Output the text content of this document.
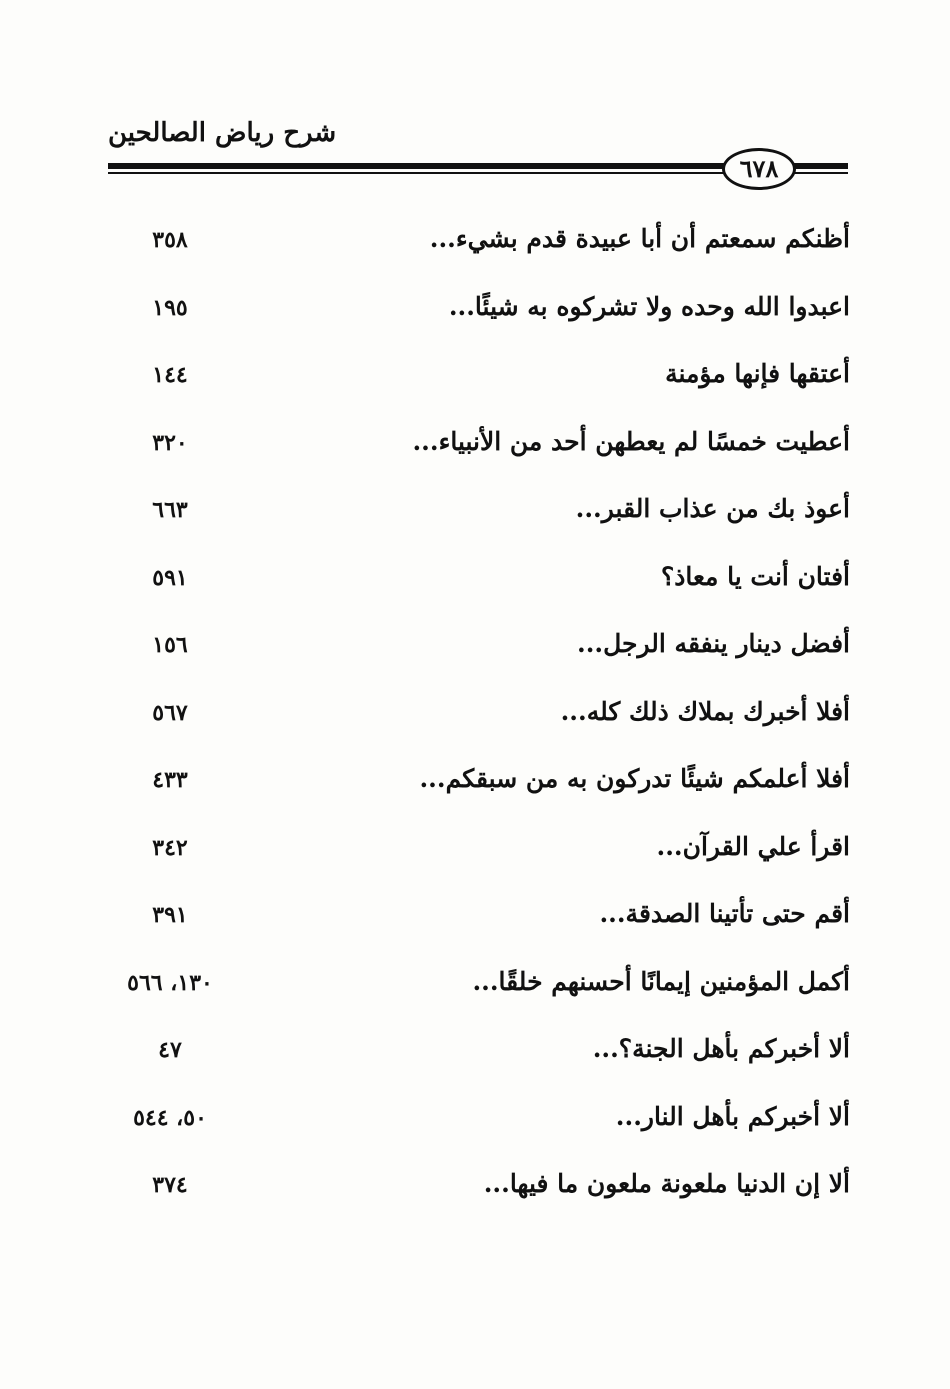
شرح رياض الصالحين
٦٧٨
أظنكم سمعتم أن أبا عبيدة قدم بشيء...
٣٥٨
اعبدوا الله وحده ولا تشركوه به شيئًا...
١٩٥
أعتقها فإنها مؤمنة
١٤٤
أعطيت خمسًا لم يعطهن أحد من الأنبياء...
٣٢٠
أعوذ بك من عذاب القبر...
٦٦٣
أفتان أنت يا معاذ؟
٥٩١
أفضل دينار ينفقه الرجل...
١٥٦
أفلا أخبرك بملاك ذلك كله...
٥٦٧
أفلا أعلمكم شيئًا تدركون به من سبقكم...
٤٣٣
اقرأ علي القرآن...
٣٤٢
أقم حتى تأتينا الصدقة...
٣٩١
أكمل المؤمنين إيمانًا أحسنهم خلقًا...
١٣٠، ٥٦٦
ألا أخبركم بأهل الجنة؟...
٤٧
ألا أخبركم بأهل النار...
٥٠، ٥٤٤
ألا إن الدنيا ملعونة ملعون ما فيها...
٣٧٤
